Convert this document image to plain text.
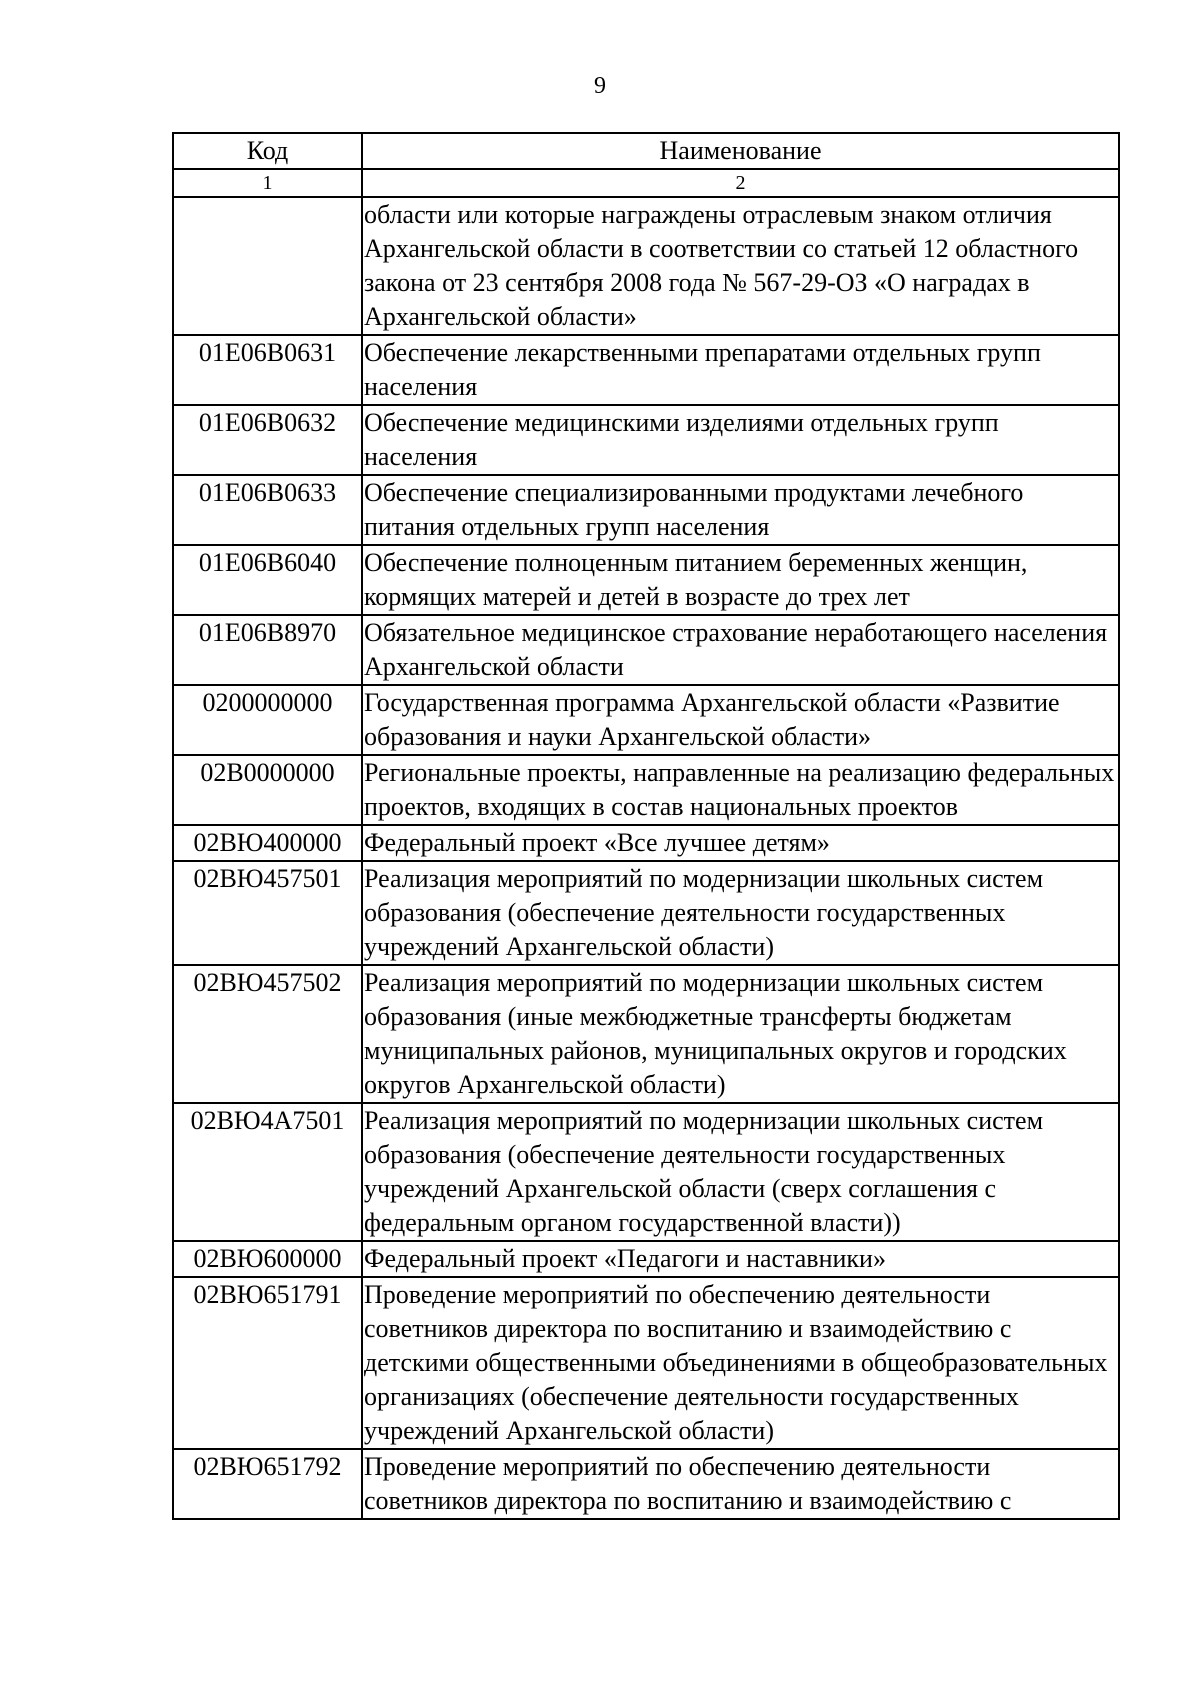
9
Код	Наименование
1	2
	области или которые награждены отраслевым знаком отличия Архангельской области в соответствии со статьей 12 областного закона от 23 сентября 2008 года № 567-29-ОЗ «О наградах в Архангельской области»
01Е06В0631	Обеспечение лекарственными препаратами отдельных групп населения
01Е06В0632	Обеспечение медицинскими изделиями отдельных групп населения
01Е06В0633	Обеспечение специализированными продуктами лечебного питания отдельных групп населения
01Е06В6040	Обеспечение полноценным питанием беременных женщин, кормящих матерей и детей в возрасте до трех лет
01Е06В8970	Обязательное медицинское страхование неработающего населения Архангельской области
0200000000	Государственная программа Архангельской области «Развитие образования и науки Архангельской области»
02В0000000	Региональные проекты, направленные на реализацию федеральных проектов, входящих в состав национальных проектов
02ВЮ400000	Федеральный проект «Все лучшее детям»
02ВЮ457501	Реализация мероприятий по модернизации школьных систем образования (обеспечение деятельности государственных учреждений Архангельской области)
02ВЮ457502	Реализация мероприятий по модернизации школьных систем образования (иные межбюджетные трансферты бюджетам муниципальных районов, муниципальных округов и городских округов Архангельской области)
02ВЮ4А7501	Реализация мероприятий по модернизации школьных систем образования (обеспечение деятельности государственных учреждений Архангельской области (сверх соглашения с федеральным органом государственной власти))
02ВЮ600000	Федеральный проект «Педагоги и наставники»
02ВЮ651791	Проведение мероприятий по обеспечению деятельности советников директора по воспитанию и взаимодействию с детскими общественными объединениями в общеобразовательных организациях (обеспечение деятельности государственных учреждений Архангельской области)
02ВЮ651792	Проведение мероприятий по обеспечению деятельности советников директора по воспитанию и взаимодействию с
